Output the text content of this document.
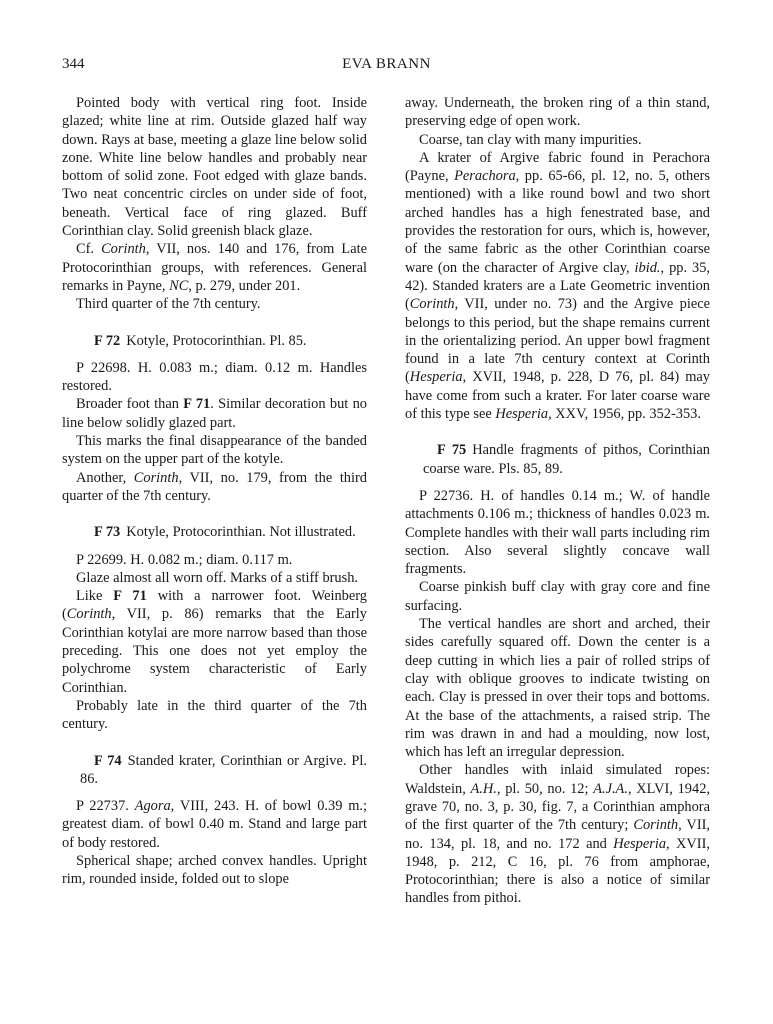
344	EVA BRANN

Pointed body with vertical ring foot. Inside glazed; white line at rim. Outside glazed half way down. Rays at base, meeting a glaze line below solid zone. White line below handles and probably near bottom of solid zone. Foot edged with glaze bands. Two neat concentric circles on under side of foot, beneath. Vertical face of ring glazed. Buff Corinthian clay. Solid greenish black glaze.

Cf. Corinth, VII, nos. 140 and 176, from Late Protocorinthian groups, with references. General remarks in Payne, NC, p. 279, under 201.

Third quarter of the 7th century.

F 72 Kotyle, Protocorinthian. Pl. 85.

P 22698. H. 0.083 m.; diam. 0.12 m. Handles restored.

Broader foot than F 71. Similar decoration but no line below solidly glazed part.

This marks the final disappearance of the banded system on the upper part of the kotyle.

Another, Corinth, VII, no. 179, from the third quarter of the 7th century.

F 73 Kotyle, Protocorinthian. Not illustrated.

P 22699. H. 0.082 m.; diam. 0.117 m.

Glaze almost all worn off. Marks of a stiff brush.

Like F 71 with a narrower foot. Weinberg (Corinth, VII, p. 86) remarks that the Early Corinthian kotylai are more narrow based than those preceding. This one does not yet employ the polychrome system characteristic of Early Corinthian.

Probably late in the third quarter of the 7th century.

F 74 Standed krater, Corinthian or Argive. Pl. 86.

P 22737. Agora, VIII, 243. H. of bowl 0.39 m.; greatest diam. of bowl 0.40 m. Stand and large part of body restored.

Spherical shape; arched convex handles. Upright rim, rounded inside, folded out to slope

away. Underneath, the broken ring of a thin stand, preserving edge of open work.

Coarse, tan clay with many impurities.

A krater of Argive fabric found in Perachora (Payne, Perachora, pp. 65-66, pl. 12, no. 5, others mentioned) with a like round bowl and two short arched handles has a high fenestrated base, and provides the restoration for ours, which is, however, of the same fabric as the other Corinthian coarse ware (on the character of Argive clay, ibid., pp. 35, 42). Standed kraters are a Late Geometric invention (Corinth, VII, under no. 73) and the Argive piece belongs to this period, but the shape remains current in the orientalizing period. An upper bowl fragment found in a late 7th century context at Corinth (Hesperia, XVII, 1948, p. 228, D 76, pl. 84) may have come from such a krater. For later coarse ware of this type see Hesperia, XXV, 1956, pp. 352-353.

F 75 Handle fragments of pithos, Corinthian coarse ware. Pls. 85, 89.

P 22736. H. of handles 0.14 m.; W. of handle attachments 0.106 m.; thickness of handles 0.023 m. Complete handles with their wall parts including rim section. Also several slightly concave wall fragments.

Coarse pinkish buff clay with gray core and fine surfacing.

The vertical handles are short and arched, their sides carefully squared off. Down the center is a deep cutting in which lies a pair of rolled strips of clay with oblique grooves to indicate twisting on each. Clay is pressed in over their tops and bottoms. At the base of the attachments, a raised strip. The rim was drawn in and had a moulding, now lost, which has left an irregular depression.

Other handles with inlaid simulated ropes: Waldstein, A.H., pl. 50, no. 12; A.J.A., XLVI, 1942, grave 70, no. 3, p. 30, fig. 7, a Corinthian amphora of the first quarter of the 7th century; Corinth, VII, no. 134, pl. 18, and no. 172 and Hesperia, XVII, 1948, p. 212, C 16, pl. 76 from amphorae, Protocorinthian; there is also a notice of similar handles from pithoi.
